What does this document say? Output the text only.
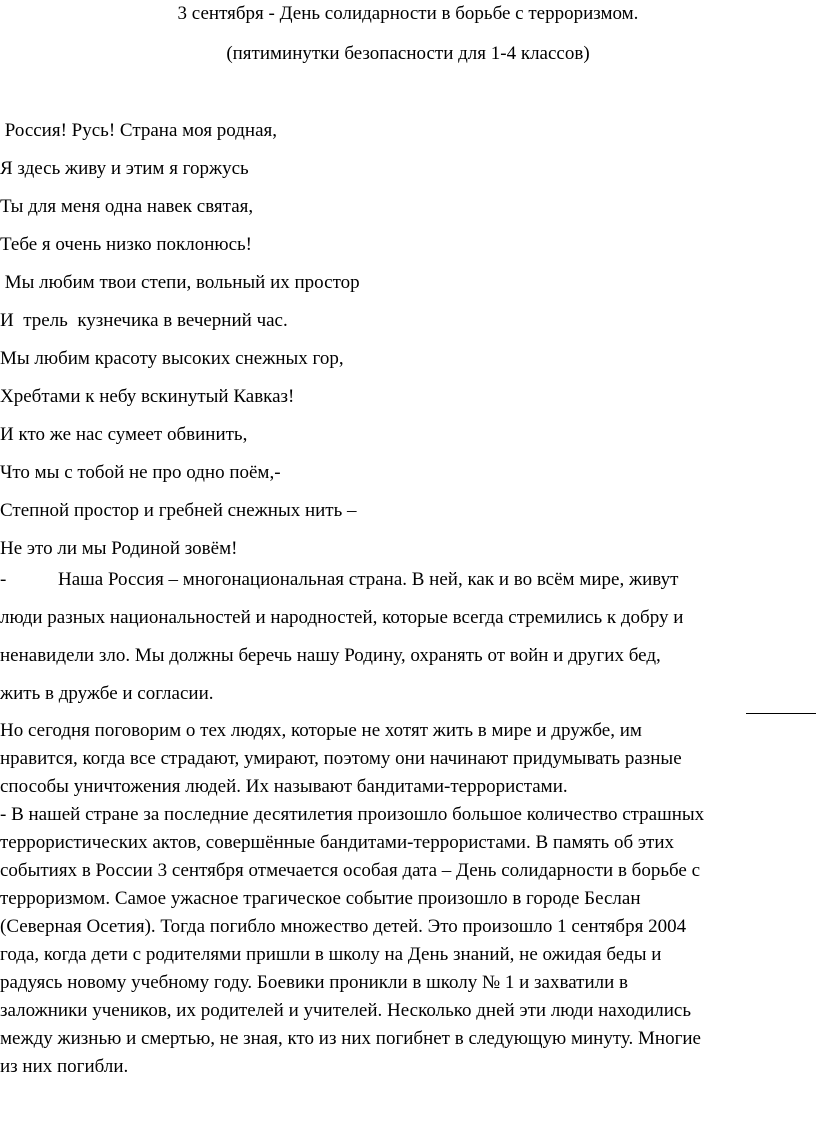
3 сентября - День солидарности в борьбе с терроризмом.
(пятиминутки безопасности для 1-4 классов)
Россия! Русь! Страна моя родная,
Я здесь живу и этим я горжусь
Ты для меня одна навек святая,
Тебе я очень низко поклонюсь!
Мы любим твои степи, вольный их простор
И  трель  кузнечика в вечерний час.
Мы любим красоту высоких снежных гор,
Хребтами к небу вскинутый Кавказ!
И кто же нас сумеет обвинить,
Что мы с тобой не про одно поём,-
Степной простор и гребней снежных нить –
Не это ли мы Родиной зовём!
-	Наша Россия – многонациональная страна. В ней, как и во всём мире, живут
люди разных национальностей и народностей, которые всегда стремились к добру и
ненавидели зло. Мы должны беречь нашу Родину, охранять от войн и других бед,
жить в дружбе и согласии.
Но сегодня поговорим о тех людях, которые не хотят жить в мире и дружбе, им
нравится, когда все страдают, умирают, поэтому они начинают придумывать разные
способы уничтожения людей. Их называют бандитами-террористами.
- В нашей стране за последние десятилетия произошло большое количество страшных
террористических актов, совершённые бандитами-террористами. В память об этих
событиях в России 3 сентября отмечается особая дата – День солидарности в борьбе с
терроризмом. Самое ужасное трагическое событие произошло в городе Беслан
(Северная Осетия). Тогда погибло множество детей. Это произошло 1 сентября 2004
года, когда дети с родителями пришли в школу на День знаний, не ожидая беды и
радуясь новому учебному году. Боевики проникли в школу № 1 и захватили в
заложники учеников, их родителей и учителей. Несколько дней эти люди находились
между жизнью и смертью, не зная, кто из них погибнет в следующую минуту. Многие
из них погибли.
